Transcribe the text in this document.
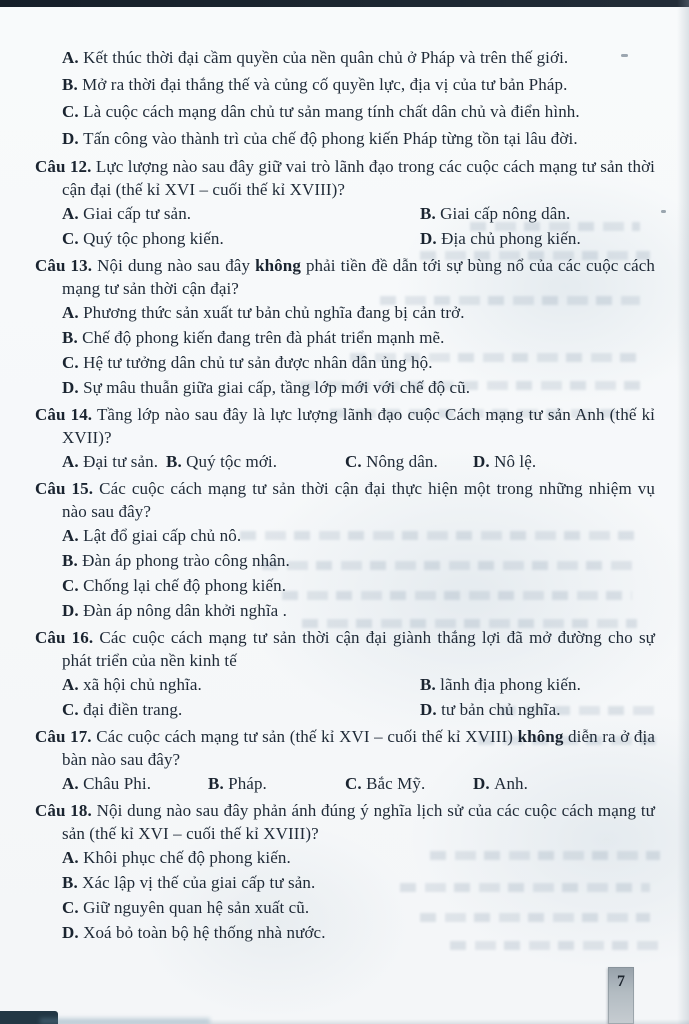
A. Kết thúc thời đại cầm quyền của nền quân chủ ở Pháp và trên thế giới.
B. Mở ra thời đại thắng thế và củng cố quyền lực, địa vị của tư bản Pháp.
C. Là cuộc cách mạng dân chủ tư sản mang tính chất dân chủ và điển hình.
D. Tấn công vào thành trì của chế độ phong kiến Pháp từng tồn tại lâu đời.

Câu 12. Lực lượng nào sau đây giữ vai trò lãnh đạo trong các cuộc cách mạng tư sản thời cận đại (thế kỉ XVI – cuối thế kỉ XVIII)?

A. Giai cấp tư sản.	B. Giai cấp nông dân.
C. Quý tộc phong kiến.	D. Địa chủ phong kiến.

Câu 13. Nội dung nào sau đây không phải tiền đề dẫn tới sự bùng nổ của các cuộc cách mạng tư sản thời cận đại?

A. Phương thức sản xuất tư bản chủ nghĩa đang bị cản trở.
B. Chế độ phong kiến đang trên đà phát triển mạnh mẽ.
C. Hệ tư tưởng dân chủ tư sản được nhân dân ủng hộ.
D. Sự mâu thuẫn giữa giai cấp, tầng lớp mới với chế độ cũ.

Câu 14. Tầng lớp nào sau đây là lực lượng lãnh đạo cuộc Cách mạng tư sản Anh (thế kỉ XVII)?

A. Đại tư sản. B. Quý tộc mới.	C. Nông dân.	D. Nô lệ.

Câu 15. Các cuộc cách mạng tư sản thời cận đại thực hiện một trong những nhiệm vụ nào sau đây?

A. Lật đổ giai cấp chủ nô.
B. Đàn áp phong trào công nhân.
C. Chống lại chế độ phong kiến.
D. Đàn áp nông dân khởi nghĩa .

Câu 16. Các cuộc cách mạng tư sản thời cận đại giành thắng lợi đã mở đường cho sự phát triển của nền kinh tế

A. xã hội chủ nghĩa.	B. lãnh địa phong kiến.
C. đại điền trang.	D. tư bản chủ nghĩa.

Câu 17. Các cuộc cách mạng tư sản (thế kỉ XVI – cuối thế kỉ XVIII) không diễn ra ở địa bàn nào sau đây?

A. Châu Phi.	B. Pháp.	C. Bắc Mỹ.	D. Anh.

Câu 18. Nội dung nào sau đây phản ánh đúng ý nghĩa lịch sử của các cuộc cách mạng tư sản (thế kỉ XVI – cuối thế kỉ XVIII)?

A. Khôi phục chế độ phong kiến.
B. Xác lập vị thế của giai cấp tư sản.
C. Giữ nguyên quan hệ sản xuất cũ.
D. Xoá bỏ toàn bộ hệ thống nhà nước.
7
